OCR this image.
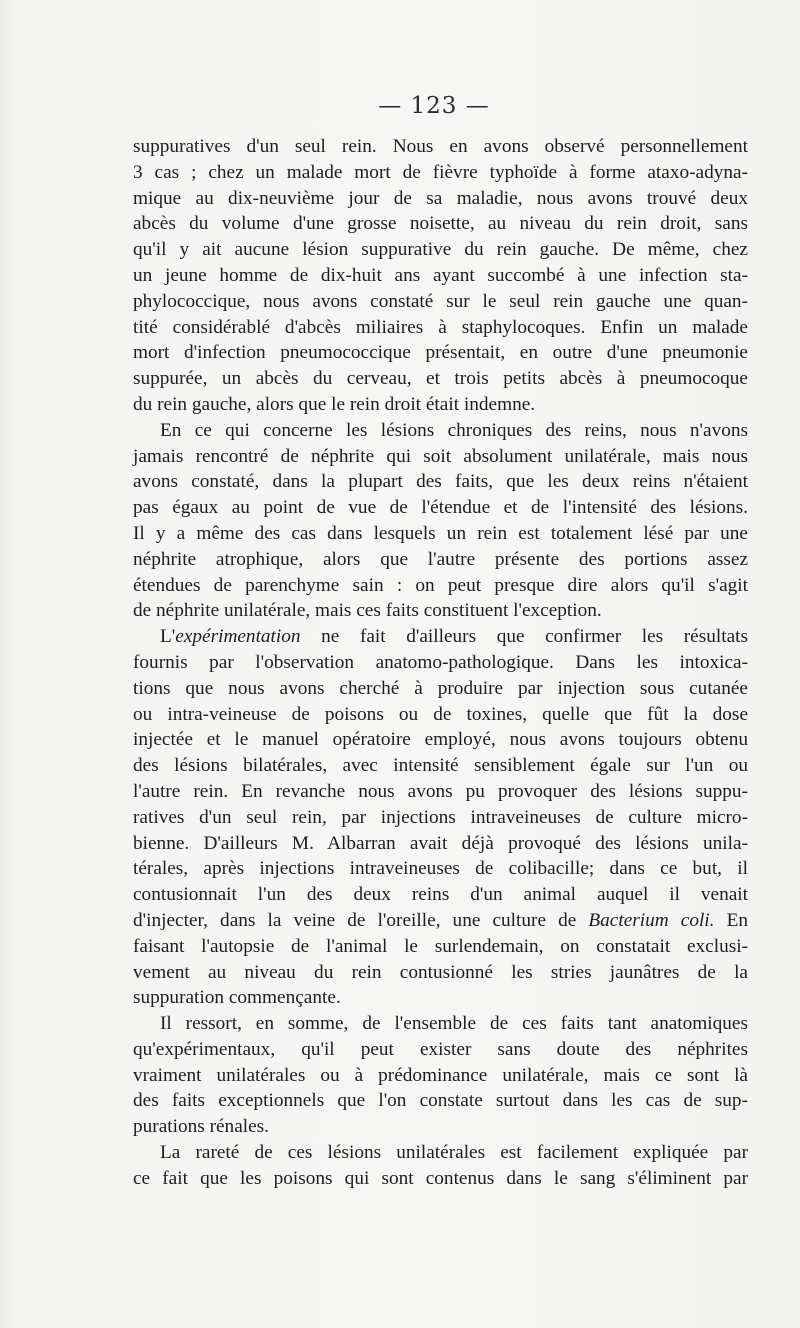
— 123 —
suppuratives d'un seul rein. Nous en avons observé personnellement
3 cas ; chez un malade mort de fièvre typhoïde à forme ataxo-adyna-
mique au dix-neuvième jour de sa maladie, nous avons trouvé deux
abcès du volume d'une grosse noisette, au niveau du rein droit, sans
qu'il y ait aucune lésion suppurative du rein gauche. De même, chez
un jeune homme de dix-huit ans ayant succombé à une infection sta-
phylococcique, nous avons constaté sur le seul rein gauche une quan-
tité considérablé d'abcès miliaires à staphylocoques. Enfin un malade
mort d'infection pneumococcique présentait, en outre d'une pneumonie
suppurée, un abcès du cerveau, et trois petits abcès à pneumocoque
du rein gauche, alors que le rein droit était indemne.
En ce qui concerne les lésions chroniques des reins, nous n'avons
jamais rencontré de néphrite qui soit absolument unilatérale, mais nous
avons constaté, dans la plupart des faits, que les deux reins n'étaient
pas égaux au point de vue de l'étendue et de l'intensité des lésions.
Il y a même des cas dans lesquels un rein est totalement lésé par une
néphrite atrophique, alors que l'autre présente des portions assez
étendues de parenchyme sain : on peut presque dire alors qu'il s'agit
de néphrite unilatérale, mais ces faits constituent l'exception.
L'expérimentation ne fait d'ailleurs que confirmer les résultats
fournis par l'observation anatomo-pathologique. Dans les intoxica-
tions que nous avons cherché à produire par injection sous cutanée
ou intra-veineuse de poisons ou de toxines, quelle que fût la dose
injectée et le manuel opératoire employé, nous avons toujours obtenu
des lésions bilatérales, avec intensité sensiblement égale sur l'un ou
l'autre rein. En revanche nous avons pu provoquer des lésions suppu-
ratives d'un seul rein, par injections intraveineuses de culture micro-
bienne. D'ailleurs M. Albarran avait déjà provoqué des lésions unila-
térales, après injections intraveineuses de colibacille; dans ce but, il
contusionnait l'un des deux reins d'un animal auquel il venait
d'injecter, dans la veine de l'oreille, une culture de Bacterium coli. En
faisant l'autopsie de l'animal le surlendemain, on constatait exclusi-
vement au niveau du rein contusionné les stries jaunâtres de la
suppuration commençante.
Il ressort, en somme, de l'ensemble de ces faits tant anatomiques
qu'expérimentaux, qu'il peut exister sans doute des néphrites
vraiment unilatérales ou à prédominance unilatérale, mais ce sont là
des faits exceptionnels que l'on constate surtout dans les cas de sup-
purations rénales.
La rareté de ces lésions unilatérales est facilement expliquée par
ce fait que les poisons qui sont contenus dans le sang s'éliminent par
